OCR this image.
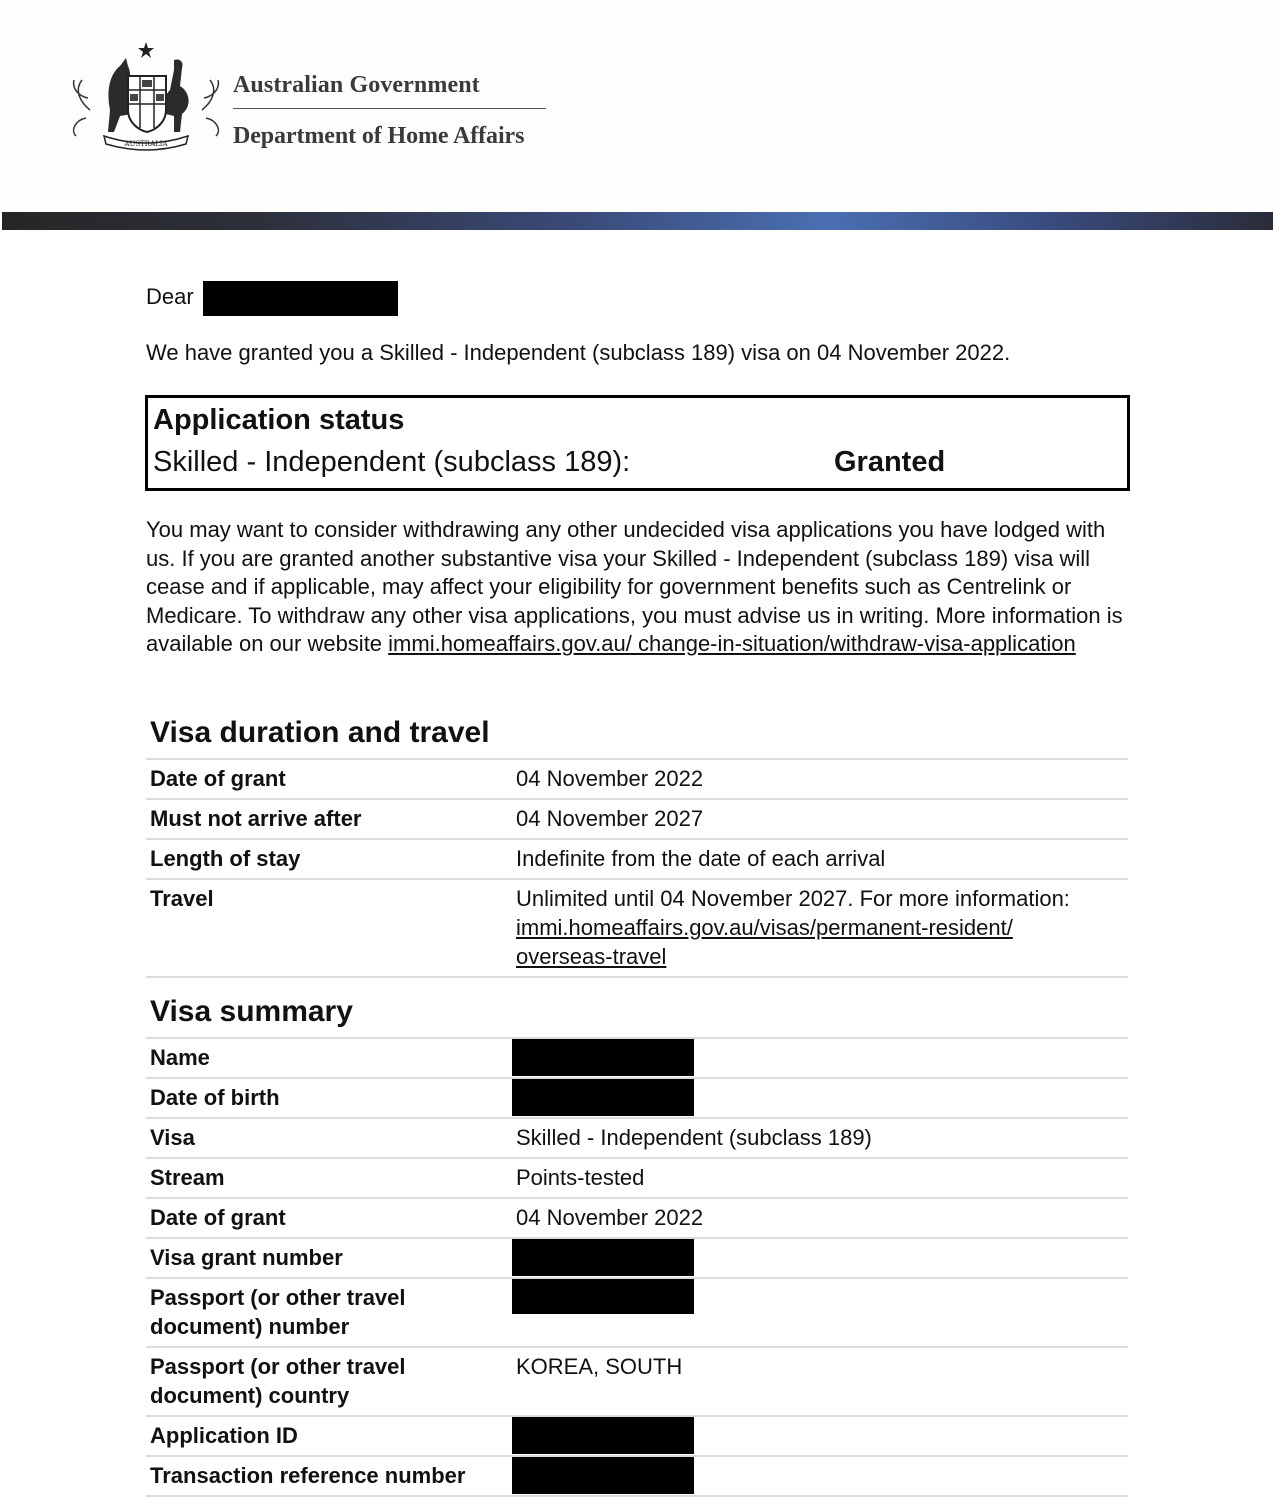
AUSTRALIA
Australian Government
Department of Home Affairs
Dear
We have granted you a Skilled - Independent (subclass 189) visa on 04 November 2022.
Application status
Skilled - Independent (subclass 189):	Granted
You may want to consider withdrawing any other undecided visa applications you have lodged with us. If you are granted another substantive visa your Skilled - Independent (subclass 189) visa will cease and if applicable, may affect your eligibility for government benefits such as Centrelink or Medicare. To withdraw any other visa applications, you must advise us in writing. More information is available on our website immi.homeaffairs.gov.au/ change-in-situation/withdraw-visa-application
Visa duration and travel
Date of grant	04 November 2022
Must not arrive after	04 November 2027
Length of stay	Indefinite from the date of each arrival
Travel	Unlimited until 04 November 2027. For more information:
immi.homeaffairs.gov.au/visas/permanent-resident/ overseas-travel
Visa summary
Name	

Date of birth	

Visa	Skilled - Independent (subclass 189)
Stream	Points-tested
Date of grant	04 November 2022
Visa grant number	

Passport (or other travel document) number	

Passport (or other travel document) country	KOREA, SOUTH
Application ID	

Transaction reference number	
